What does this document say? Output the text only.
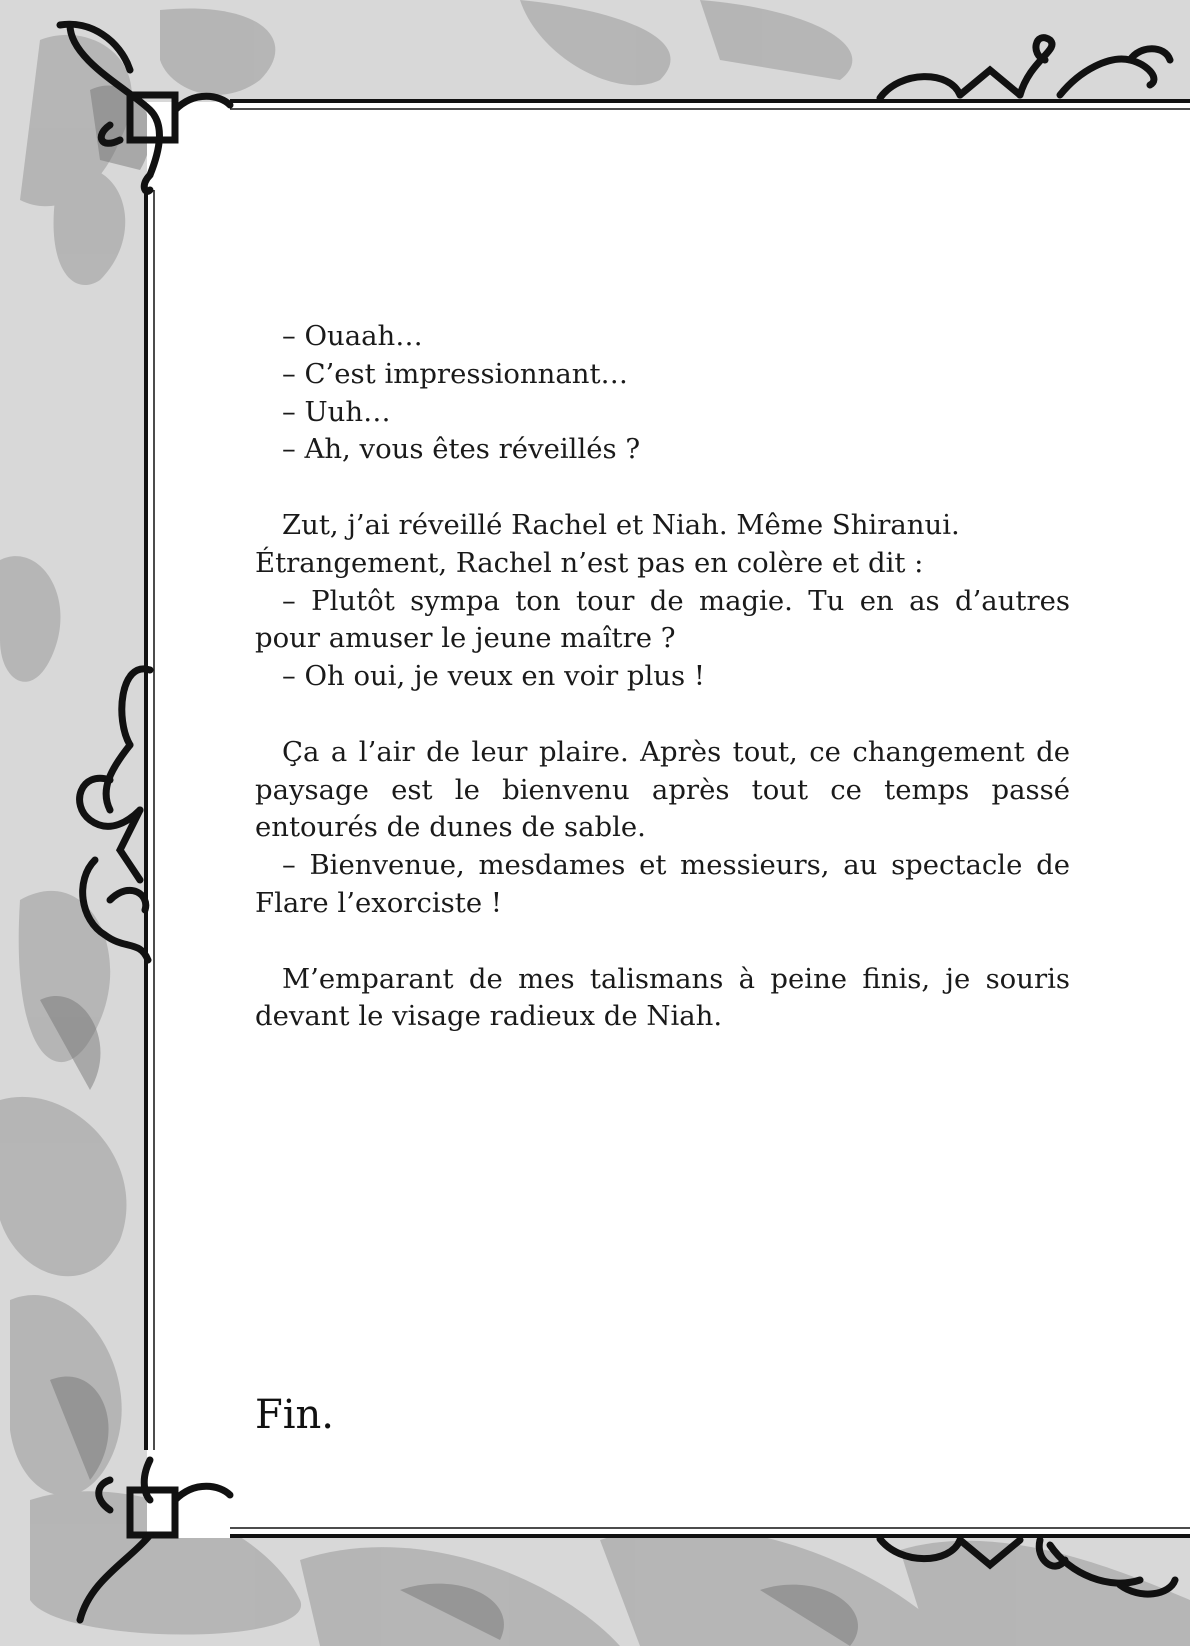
– Ouaah…

– C’est impressionnant…

– Uuh…

– Ah, vous êtes réveillés ?

Zut, j’ai réveillé Rachel et Niah. Même Shiranui.

Étrangement, Rachel n’est pas en colère et dit :

– Plutôt sympa ton tour de magie. Tu en as d’autres pour amuser le jeune maître ?

– Oh oui, je veux en voir plus !

Ça a l’air de leur plaire. Après tout, ce changement de paysage est le bienvenu après tout ce temps passé entourés de dunes de sable.

– Bienvenue, mesdames et messieurs, au spectacle de Flare l’exorciste !

M’emparant de mes talismans à peine finis, je souris devant le visage radieux de Niah.

Fin.
